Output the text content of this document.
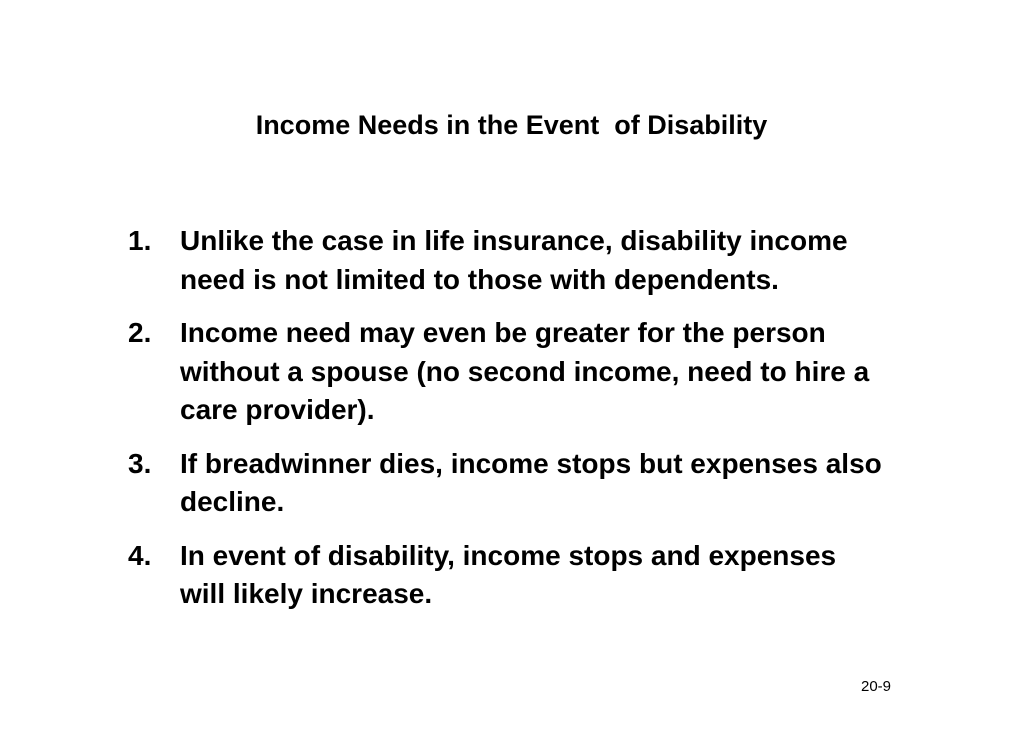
Income Needs in the Event  of Disability
1.	Unlike the case in life insurance, disability income need is not limited to those with dependents.
2.	Income need may even be greater for the person without a spouse (no second income, need to hire a care provider).
3.	If breadwinner dies, income stops but expenses also decline.
4.	In event of disability, income stops and expenses will likely increase.
20-9
